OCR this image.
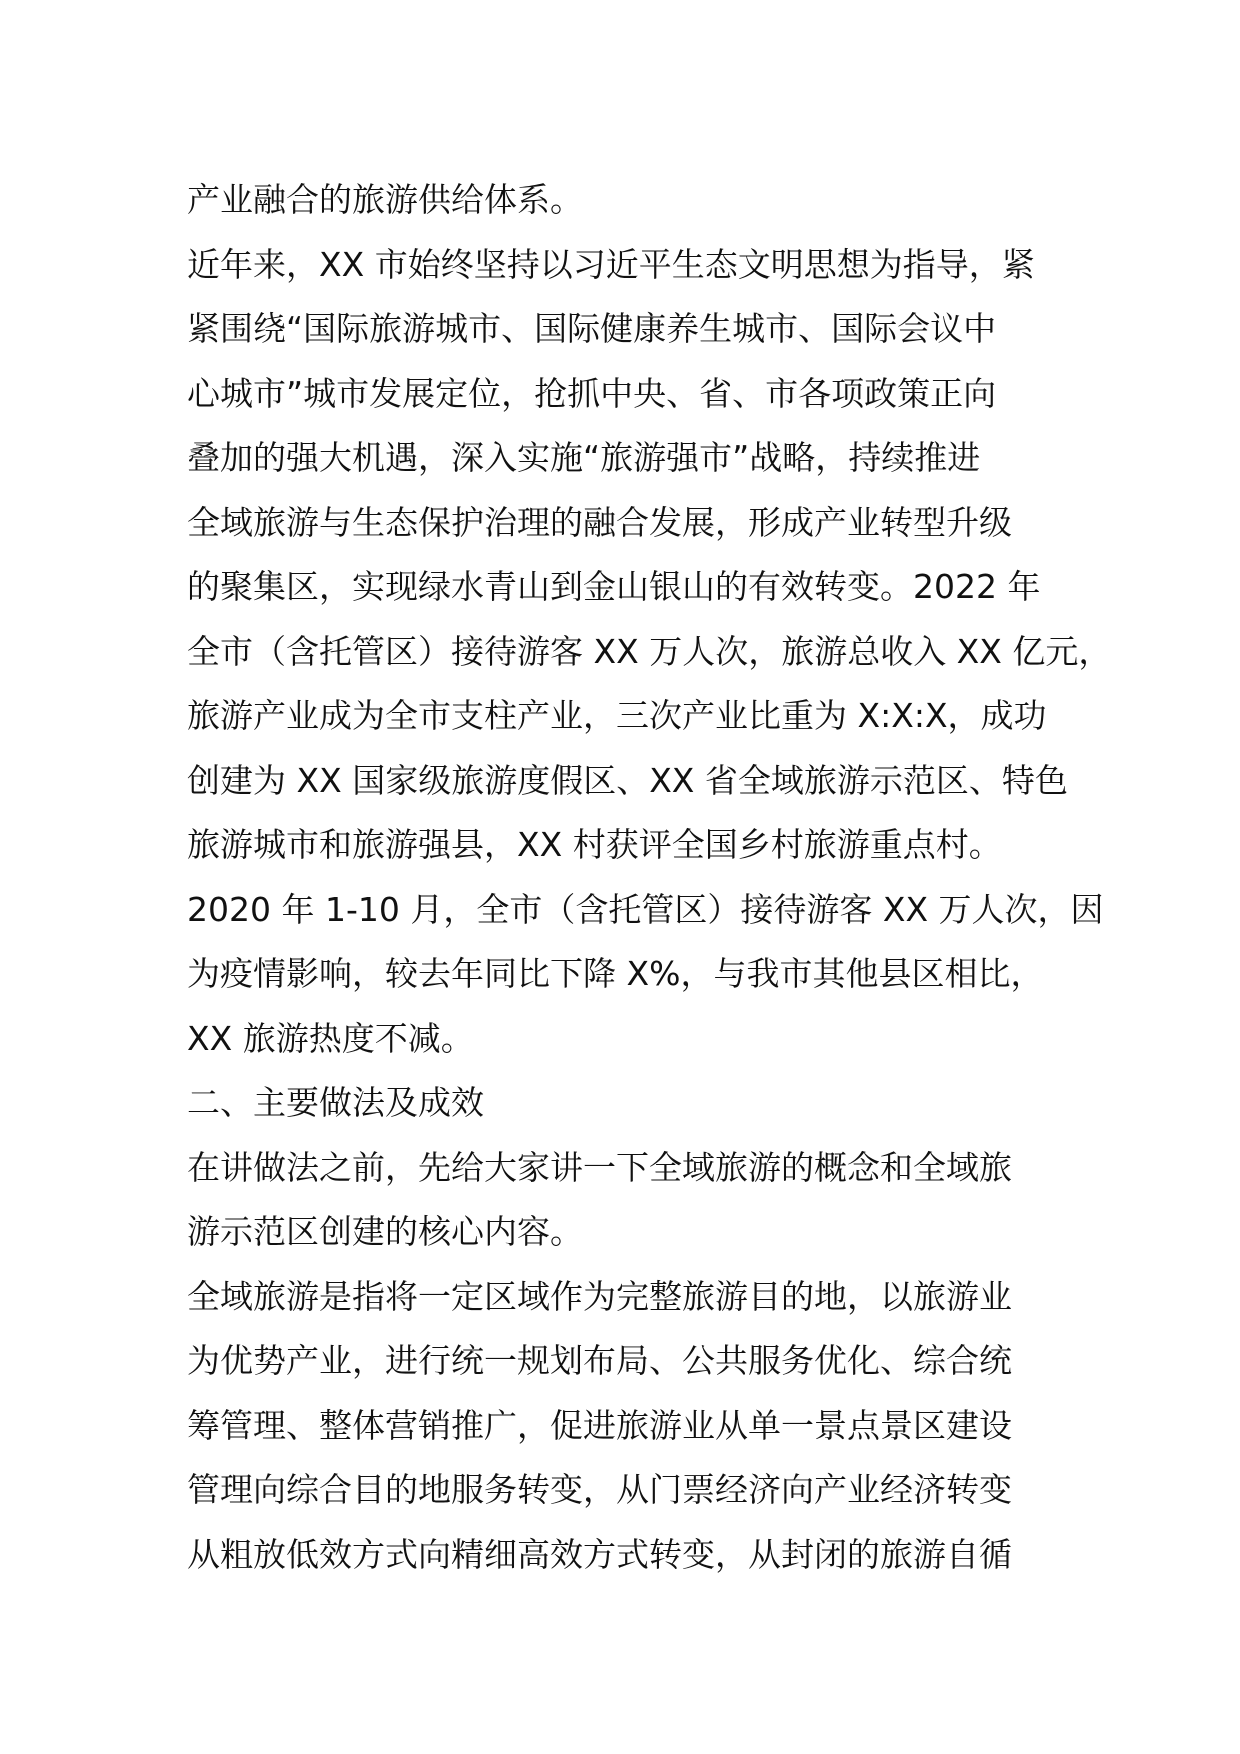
产业融合的旅游供给体系。
近年来，XX 市始终坚持以习近平生态文明思想为指导，紧
紧围绕“国际旅游城市、国际健康养生城市、国际会议中
心城市”城市发展定位，抢抓中央、省、市各项政策正向
叠加的强大机遇，深入实施“旅游强市”战略，持续推进
全域旅游与生态保护治理的融合发展，形成产业转型升级
的聚集区，实现绿水青山到金山银山的有效转变。2022 年
全市（含托管区）接待游客 XX 万人次，旅游总收入 XX 亿元，
旅游产业成为全市支柱产业，三次产业比重为 X:X:X，成功
创建为 XX 国家级旅游度假区、XX 省全域旅游示范区、特色
旅游城市和旅游强县，XX 村获评全国乡村旅游重点村。
2020 年 1-10 月，全市（含托管区）接待游客 XX 万人次，因
为疫情影响，较去年同比下降 X%，与我市其他县区相比，
XX 旅游热度不减。
二、主要做法及成效
在讲做法之前，先给大家讲一下全域旅游的概念和全域旅
游示范区创建的核心内容。
全域旅游是指将一定区域作为完整旅游目的地，以旅游业
为优势产业，进行统一规划布局、公共服务优化、综合统
筹管理、整体营销推广，促进旅游业从单一景点景区建设
管理向综合目的地服务转变，从门票经济向产业经济转变
从粗放低效方式向精细高效方式转变，从封闭的旅游自循
